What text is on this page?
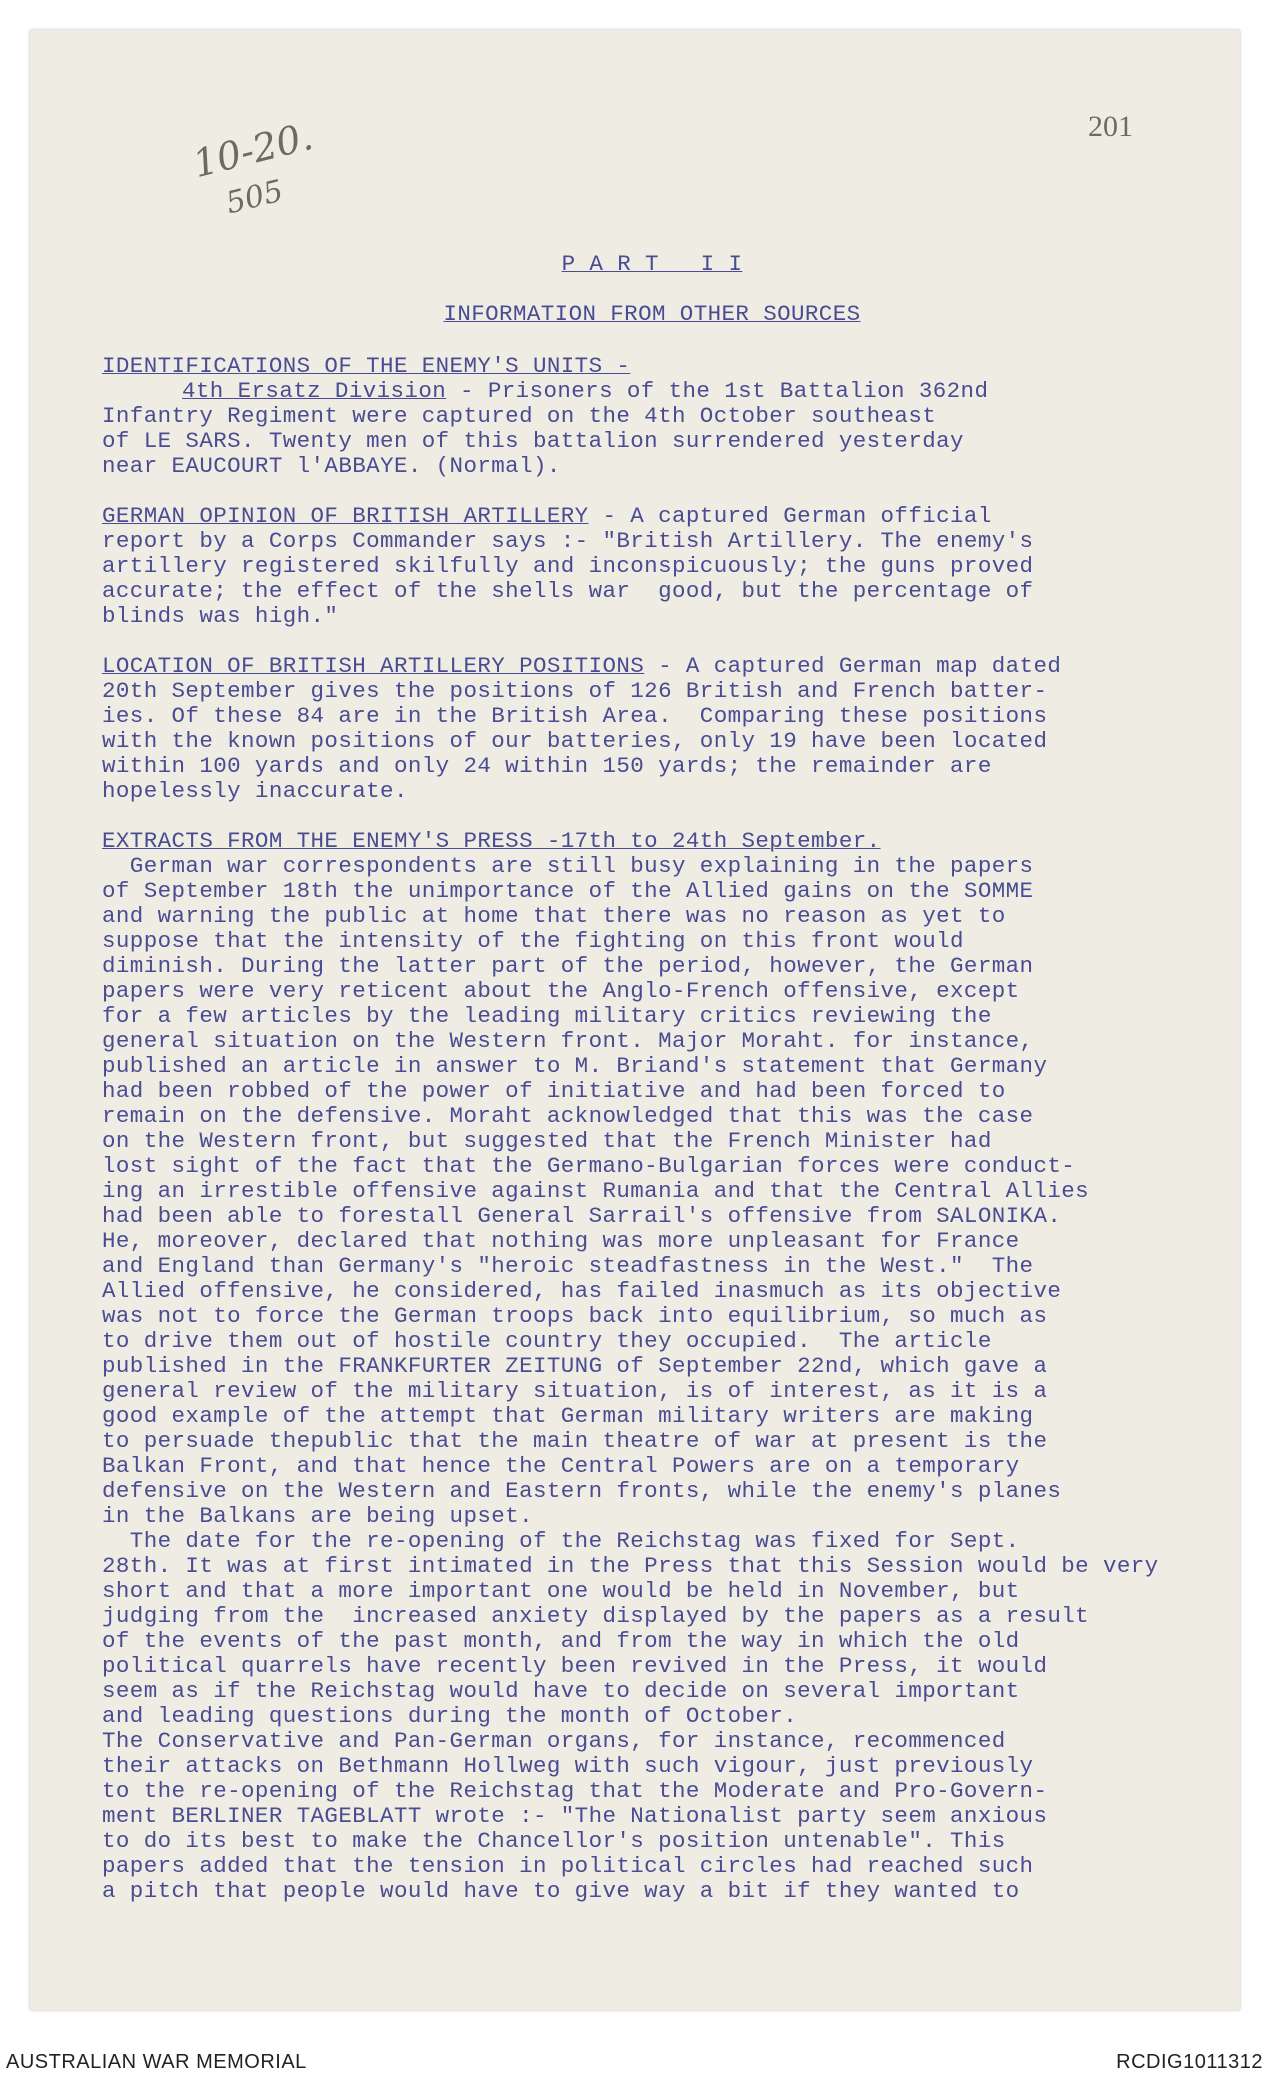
201
10-20.
505
P A R T   I I
INFORMATION FROM OTHER SOURCES
IDENTIFICATIONS OF THE ENEMY'S UNITS -
4th Ersatz Division - Prisoners of the 1st Battalion 362nd
Infantry Regiment were captured on the 4th October southeast
of LE SARS. Twenty men of this battalion surrendered yesterday
near EAUCOURT l'ABBAYE. (Normal).
GERMAN OPINION OF BRITISH ARTILLERY - A captured German official
report by a Corps Commander says :- "British Artillery. The enemy's
artillery registered skilfully and inconspicuously; the guns proved
accurate; the effect of the shells war  good, but the percentage of
blinds was high."
LOCATION OF BRITISH ARTILLERY POSITIONS - A captured German map dated
20th September gives the positions of 126 British and French batter-
ies. Of these 84 are in the British Area.  Comparing these positions
with the known positions of our batteries, only 19 have been located
within 100 yards and only 24 within 150 yards; the remainder are
hopelessly inaccurate.
EXTRACTS FROM THE ENEMY'S PRESS -17th to 24th September.
German war correspondents are still busy explaining in the papers
of September 18th the unimportance of the Allied gains on the SOMME
and warning the public at home that there was no reason as yet to
suppose that the intensity of the fighting on this front would
diminish. During the latter part of the period, however, the German
papers were very reticent about the Anglo-French offensive, except
for a few articles by the leading military critics reviewing the
general situation on the Western front. Major Moraht. for instance,
published an article in answer to M. Briand's statement that Germany
had been robbed of the power of initiative and had been forced to
remain on the defensive. Moraht acknowledged that this was the case
on the Western front, but suggested that the French Minister had
lost sight of the fact that the Germano-Bulgarian forces were conduct-
ing an irrestible offensive against Rumania and that the Central Allies
had been able to forestall General Sarrail's offensive from SALONIKA.
He, moreover, declared that nothing was more unpleasant for France
and England than Germany's "heroic steadfastness in the West."  The
Allied offensive, he considered, has failed inasmuch as its objective
was not to force the German troops back into equilibrium, so much as
to drive them out of hostile country they occupied.  The article
published in the FRANKFURTER ZEITUNG of September 22nd, which gave a
general review of the military situation, is of interest, as it is a
good example of the attempt that German military writers are making
to persuade thepublic that the main theatre of war at present is the
Balkan Front, and that hence the Central Powers are on a temporary
defensive on the Western and Eastern fronts, while the enemy's planes
in the Balkans are being upset.
The date for the re-opening of the Reichstag was fixed for Sept.
28th. It was at first intimated in the Press that this Session would be very
short and that a more important one would be held in November, but
judging from the  increased anxiety displayed by the papers as a result
of the events of the past month, and from the way in which the old
political quarrels have recently been revived in the Press, it would
seem as if the Reichstag would have to decide on several important
and leading questions during the month of October.
The Conservative and Pan-German organs, for instance, recommenced
their attacks on Bethmann Hollweg with such vigour, just previously
to the re-opening of the Reichstag that the Moderate and Pro-Govern-
ment BERLINER TAGEBLATT wrote :- "The Nationalist party seem anxious
to do its best to make the Chancellor's position untenable". This
papers added that the tension in political circles had reached such
a pitch that people would have to give way a bit if they wanted to
AUSTRALIAN WAR MEMORIAL	RCDIG1011312
